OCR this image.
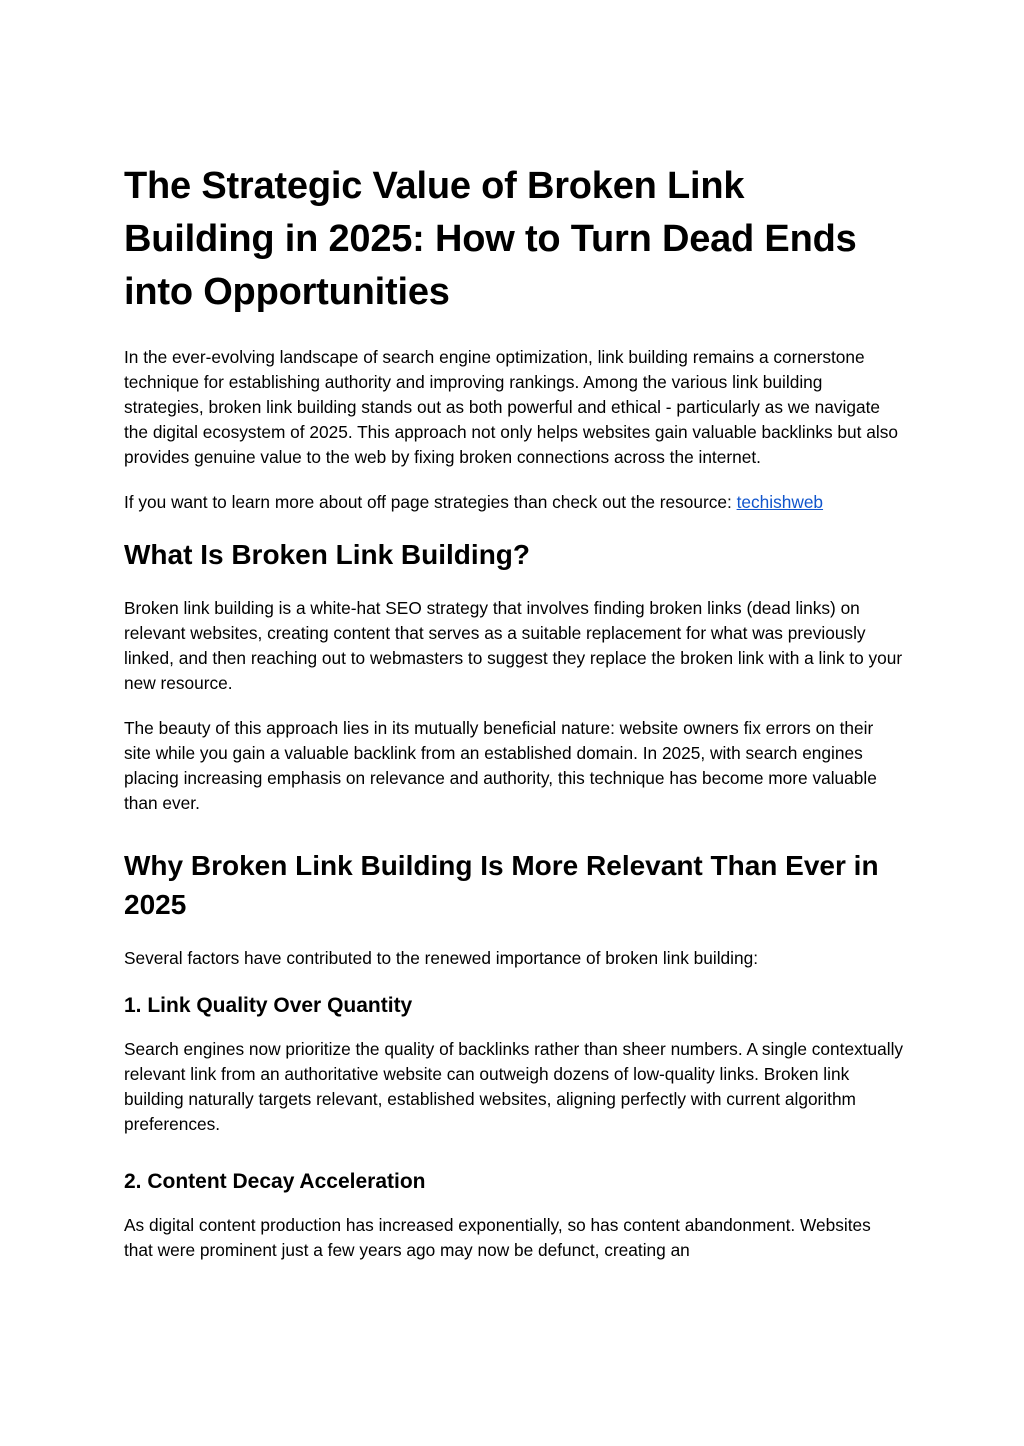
The Strategic Value of Broken Link Building in 2025: How to Turn Dead Ends into Opportunities

In the ever-evolving landscape of search engine optimization, link building remains a cornerstone technique for establishing authority and improving rankings. Among the various link building strategies, broken link building stands out as both powerful and ethical - particularly as we navigate the digital ecosystem of 2025. This approach not only helps websites gain valuable backlinks but also provides genuine value to the web by fixing broken connections across the internet.

If you want to learn more about off page strategies than check out the resource: techishweb

What Is Broken Link Building?

Broken link building is a white-hat SEO strategy that involves finding broken links (dead links) on relevant websites, creating content that serves as a suitable replacement for what was previously linked, and then reaching out to webmasters to suggest they replace the broken link with a link to your new resource.

The beauty of this approach lies in its mutually beneficial nature: website owners fix errors on their site while you gain a valuable backlink from an established domain. In 2025, with search engines placing increasing emphasis on relevance and authority, this technique has become more valuable than ever.

Why Broken Link Building Is More Relevant Than Ever in 2025

Several factors have contributed to the renewed importance of broken link building:

1. Link Quality Over Quantity

Search engines now prioritize the quality of backlinks rather than sheer numbers. A single contextually relevant link from an authoritative website can outweigh dozens of low-quality links. Broken link building naturally targets relevant, established websites, aligning perfectly with current algorithm preferences.

2. Content Decay Acceleration

As digital content production has increased exponentially, so has content abandonment. Websites that were prominent just a few years ago may now be defunct, creating an
